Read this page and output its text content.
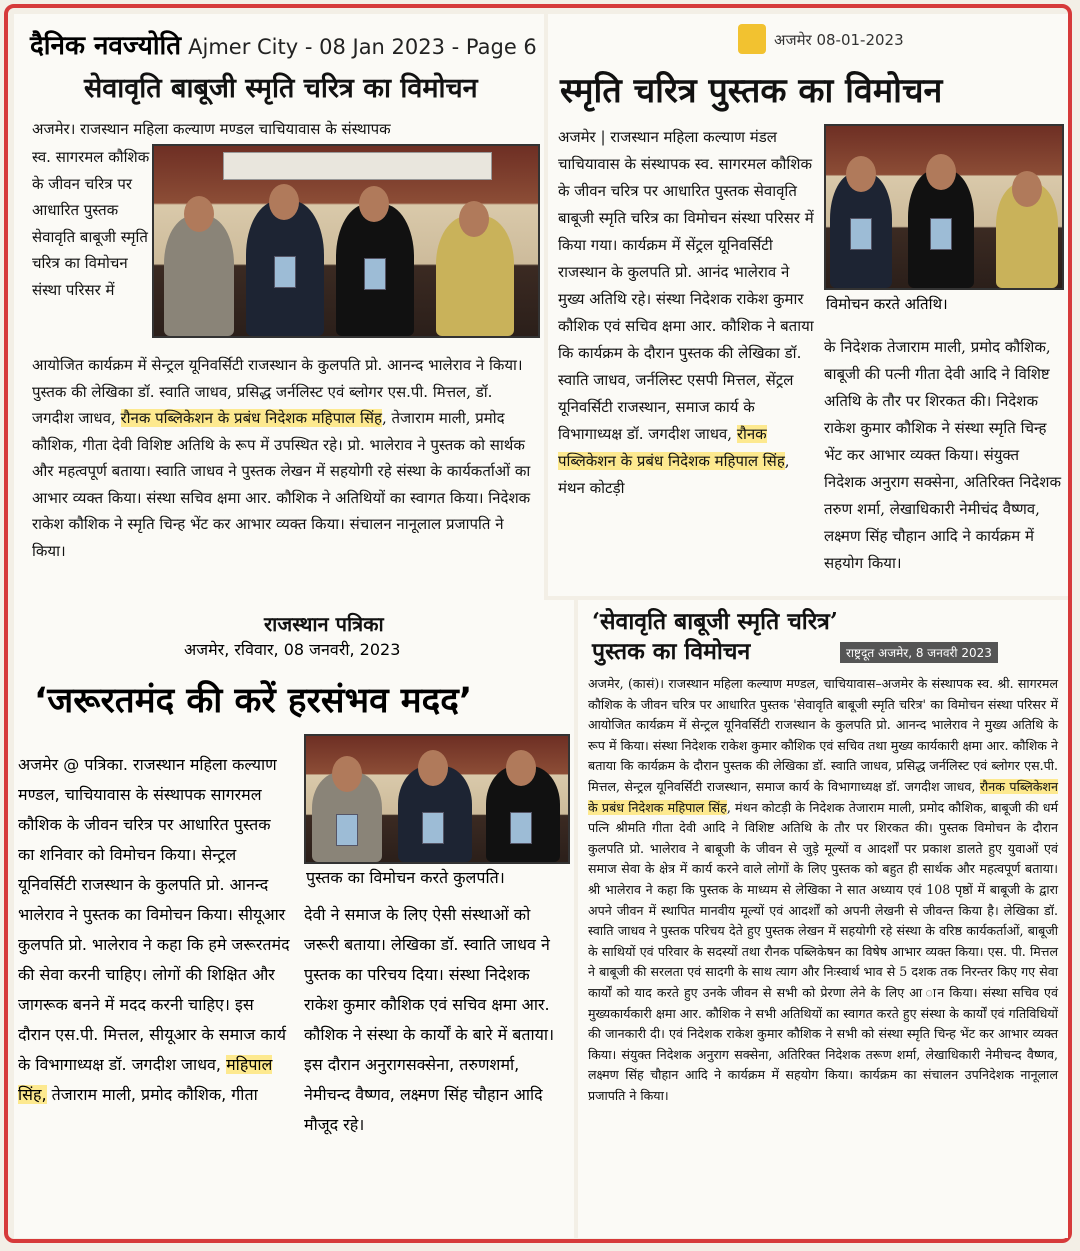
दैनिक नवज्योति Ajmer City - 08 Jan 2023 - Page 6
सेवावृति बाबूजी स्मृति चरित्र का विमोचन
अजमेर। राजस्थान महिला कल्याण मण्डल चाचियावास के संस्थापक
स्व. सागरमल कौशिक के जीवन चरित्र पर आधारित पुस्तक सेवावृति बाबूजी स्मृति चरित्र का विमोचन संस्था परिसर में
आयोजित कार्यक्रम में सेन्ट्रल यूनिवर्सिटी राजस्थान के कुलपति प्रो. आनन्द भालेराव ने किया। पुस्तक की लेखिका डॉ. स्वाति जाधव, प्रसिद्ध जर्नलिस्ट एवं ब्लोगर एस.पी. मित्तल, डॉ. जगदीश जाधव, रौनक पब्लिकेशन के प्रबंध निदेशक महिपाल सिंह, तेजाराम माली, प्रमोद कौशिक, गीता देवी विशिष्ट अतिथि के रूप में उपस्थित रहे। प्रो. भालेराव ने पुस्तक को सार्थक और महत्वपूर्ण बताया। स्वाति जाधव ने पुस्तक लेखन में सहयोगी रहे संस्था के कार्यकर्ताओं का आभार व्यक्त किया। संस्था सचिव क्षमा आर. कौशिक ने अतिथियों का स्वागत किया। निदेशक राकेश कौशिक ने स्मृति चिन्ह भेंट कर आभार व्यक्त किया। संचालन नानूलाल प्रजापति ने किया।
अजमेर 08-01-2023
स्मृति चरित्र पुस्तक का विमोचन
अजमेर | राजस्थान महिला कल्याण मंडल चाचियावास के संस्थापक स्व. सागरमल कौशिक के जीवन चरित्र पर आधारित पुस्तक सेवावृति बाबूजी स्मृति चरित्र का विमोचन संस्था परिसर में किया गया। कार्यक्रम में सेंट्रल यूनिवर्सिटी राजस्थान के कुलपति प्रो. आनंद भालेराव ने मुख्य अतिथि रहे। संस्था निदेशक राकेश कुमार कौशिक एवं सचिव क्षमा आर. कौशिक ने बताया कि कार्यक्रम के दौरान पुस्तक की लेखिका डॉ. स्वाति जाधव, जर्नलिस्ट एसपी मित्तल, सेंट्रल यूनिवर्सिटी राजस्थान, समाज कार्य के विभागाध्यक्ष डॉ. जगदीश जाधव, रौनक पब्लिकेशन के प्रबंध निदेशक महिपाल सिंह, मंथन कोटड़ी
विमोचन करते अतिथि।
के निदेशक तेजाराम माली, प्रमोद कौशिक, बाबूजी की पत्नी गीता देवी आदि ने विशिष्ट अतिथि के तौर पर शिरकत की। निदेशक राकेश कुमार कौशिक ने संस्था स्मृति चिन्ह भेंट कर आभार व्यक्त किया। संयुक्त निदेशक अनुराग सक्सेना, अतिरिक्त निदेशक तरुण शर्मा, लेखाधिकारी नेमीचंद वैष्णव, लक्ष्मण सिंह चौहान आदि ने कार्यक्रम में सहयोग किया।
राजस्थान पत्रिका
अजमेर, रविवार, 08 जनवरी, 2023
‘जरूरतमंद की करें हरसंभव मदद’
अजमेर @ पत्रिका. राजस्थान महिला कल्याण मण्डल, चाचियावास के संस्थापक सागरमल कौशिक के जीवन चरित्र पर आधारित पुस्तक का शनिवार को विमोचन किया। सेन्ट्रल यूनिवर्सिटी राजस्थान के कुलपति प्रो. आनन्द भालेराव ने पुस्तक का विमोचन किया। सीयूआर कुलपति प्रो. भालेराव ने कहा कि हमे जरूरतमंद की सेवा करनी चाहिए। लोगों की शिक्षित और जागरूक बनने में मदद करनी चाहिए। इस दौरान एस.पी. मित्तल, सीयूआर के समाज कार्य के विभागाध्यक्ष डॉ. जगदीश जाधव, महिपाल सिंह, तेजाराम माली, प्रमोद कौशिक, गीता
पुस्तक का विमोचन करते कुलपति।
देवी ने समाज के लिए ऐसी संस्थाओं को जरूरी बताया। लेखिका डॉ. स्वाति जाधव ने पुस्तक का परिचय दिया। संस्था निदेशक राकेश कुमार कौशिक एवं सचिव क्षमा आर. कौशिक ने संस्था के कार्यों के बारे में बताया। इस दौरान अनुरागसक्सेना, तरुणशर्मा, नेमीचन्द वैष्णव, लक्ष्मण सिंह चौहान आदि मौजूद रहे।
‘सेवावृति बाबूजी स्मृति चरित्र’
पुस्तक का विमोचन	राष्ट्रदूत अजमेर, 8 जनवरी 2023
अजमेर, (कासं)। राजस्थान महिला कल्याण मण्डल, चाचियावास–अजमेर के संस्थापक स्व. श्री. सागरमल कौशिक के जीवन चरित्र पर आधारित पुस्तक 'सेवावृति बाबूजी स्मृति चरित्र' का विमोचन संस्था परिसर में आयोजित कार्यक्रम में सेन्ट्रल यूनिवर्सिटी राजस्थान के कुलपति प्रो. आनन्द भालेराव ने मुख्य अतिथि के रूप में किया। संस्था निदेशक राकेश कुमार कौशिक एवं सचिव तथा मुख्य कार्यकारी क्षमा आर. कौशिक ने बताया कि कार्यक्रम के दौरान पुस्तक की लेखिका डॉ. स्वाति जाधव, प्रसिद्ध जर्नलिस्ट एवं ब्लोगर एस.पी. मित्तल, सेन्ट्रल यूनिवर्सिटी राजस्थान, समाज कार्य के विभागाध्यक्ष डॉ. जगदीश जाधव, रौनक पब्लिकेशन के प्रबंध निदेशक महिपाल सिंह, मंथन कोटड़ी के निदेशक तेजाराम माली, प्रमोद कौशिक, बाबूजी की धर्म पत्नि श्रीमति गीता देवी आदि ने विशिष्ट अतिथि के तौर पर शिरकत की। पुस्तक विमोचन के दौरान कुलपति प्रो. भालेराव ने बाबूजी के जीवन से जुड़े मूल्यों व आदर्शों पर प्रकाश डालते हुए युवाओं एवं समाज सेवा के क्षेत्र में कार्य करने वाले लोगों के लिए पुस्तक को बहुत ही सार्थक और महत्वपूर्ण बताया। श्री भालेराव ने कहा कि पुस्तक के माध्यम से लेखिका ने सात अध्याय एवं 108 पृष्ठों में बाबूजी के द्वारा अपने जीवन में स्थापित मानवीय मूल्यों एवं आदर्शों को अपनी लेखनी से जीवन्त किया है। लेखिका डॉ. स्वाति जाधव ने पुस्तक परिचय देते हुए पुस्तक लेखन में सहयोगी रहे संस्था के वरिष्ठ कार्यकर्ताओं, बाबूजी के साथियों एवं परिवार के सदस्यों तथा रौनक पब्लिकेषन का विषेष आभार व्यक्त किया। एस. पी. मित्तल ने बाबूजी की सरलता एवं सादगी के साथ त्याग और निःस्वार्थ भाव से 5 दशक तक निरन्तर किए गए सेवा कार्यों को याद करते हुए उनके जीवन से सभी को प्रेरणा लेने के लिए आ ान किया। संस्था सचिव एवं मुख्यकार्यकारी क्षमा आर. कौशिक ने सभी अतिथियों का स्वागत करते हुए संस्था के कार्यों एवं गतिविधियों की जानकारी दी। एवं निदेशक राकेश कुमार कौशिक ने सभी को संस्था स्मृति चिन्ह भेंट कर आभार व्यक्त किया। संयुक्त निदेशक अनुराग सक्सेना, अतिरिक्त निदेशक तरूण शर्मा, लेखाधिकारी नेमीचन्द वैष्णव, लक्ष्मण सिंह चौहान आदि ने कार्यक्रम में सहयोग किया। कार्यक्रम का संचालन उपनिदेशक नानूलाल प्रजापति ने किया।
